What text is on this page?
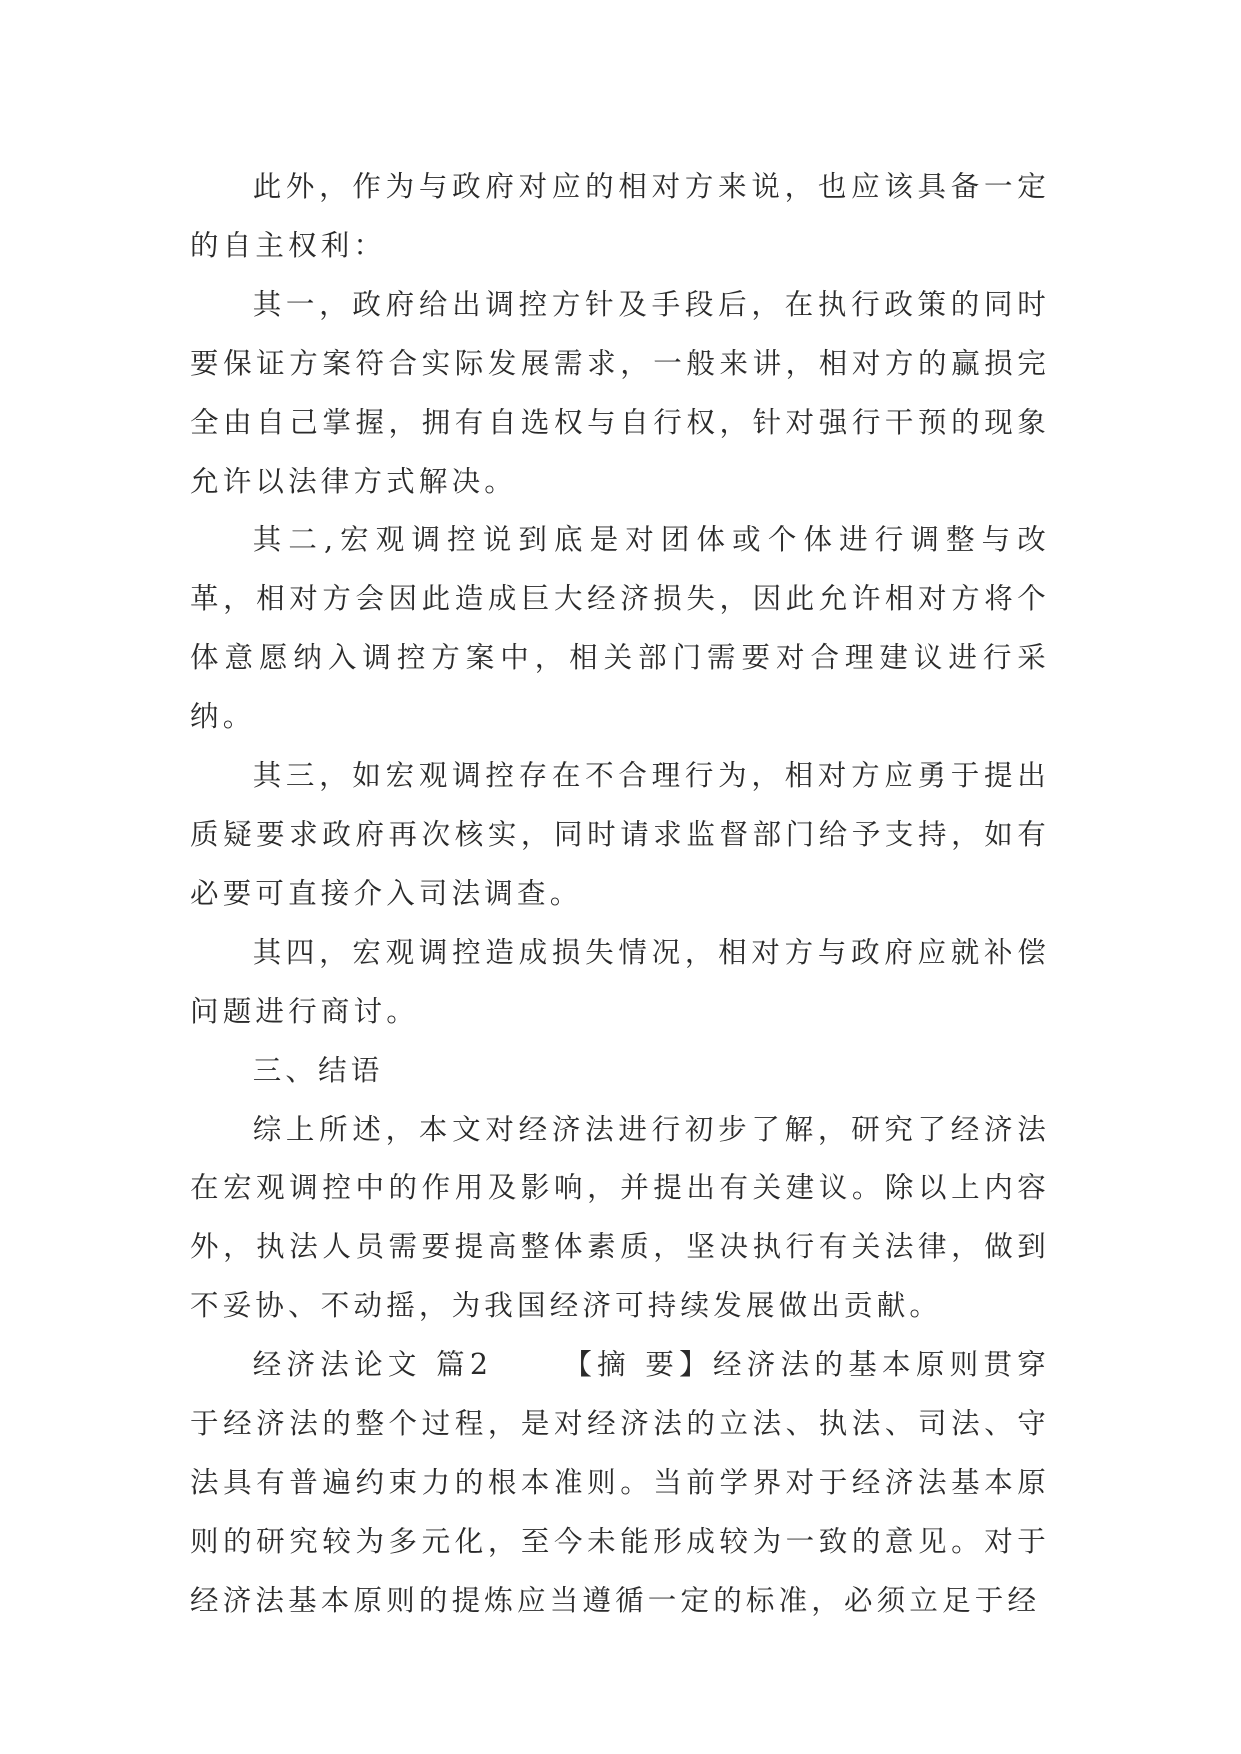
此外，作为与政府对应的相对方来说，也应该具备一定的自主权利：

其一，政府给出调控方针及手段后，在执行政策的同时要保证方案符合实际发展需求，一般来讲，相对方的赢损完全由自己掌握，拥有自选权与自行权，针对强行干预的现象允许以法律方式解决。

其二,宏观调控说到底是对团体或个体进行调整与改革，相对方会因此造成巨大经济损失，因此允许相对方将个体意愿纳入调控方案中，相关部门需要对合理建议进行采纳。

其三，如宏观调控存在不合理行为，相对方应勇于提出质疑要求政府再次核实，同时请求监督部门给予支持，如有必要可直接介入司法调查。

其四，宏观调控造成损失情况，相对方与政府应就补偿问题进行商讨。

三、结语

综上所述，本文对经济法进行初步了解，研究了经济法在宏观调控中的作用及影响，并提出有关建议。除以上内容外，执法人员需要提高整体素质，坚决执行有关法律，做到不妥协、不动摇，为我国经济可持续发展做出贡献。

经济法论文 篇2 【摘 要】经济法的基本原则贯穿于经济法的整个过程，是对经济法的立法、执法、司法、守法具有普遍约束力的根本准则。当前学界对于经济法基本原则的研究较为多元化，至今未能形成较为一致的意见。对于经济法基本原则的提炼应当遵循一定的标准，必须立足于经
